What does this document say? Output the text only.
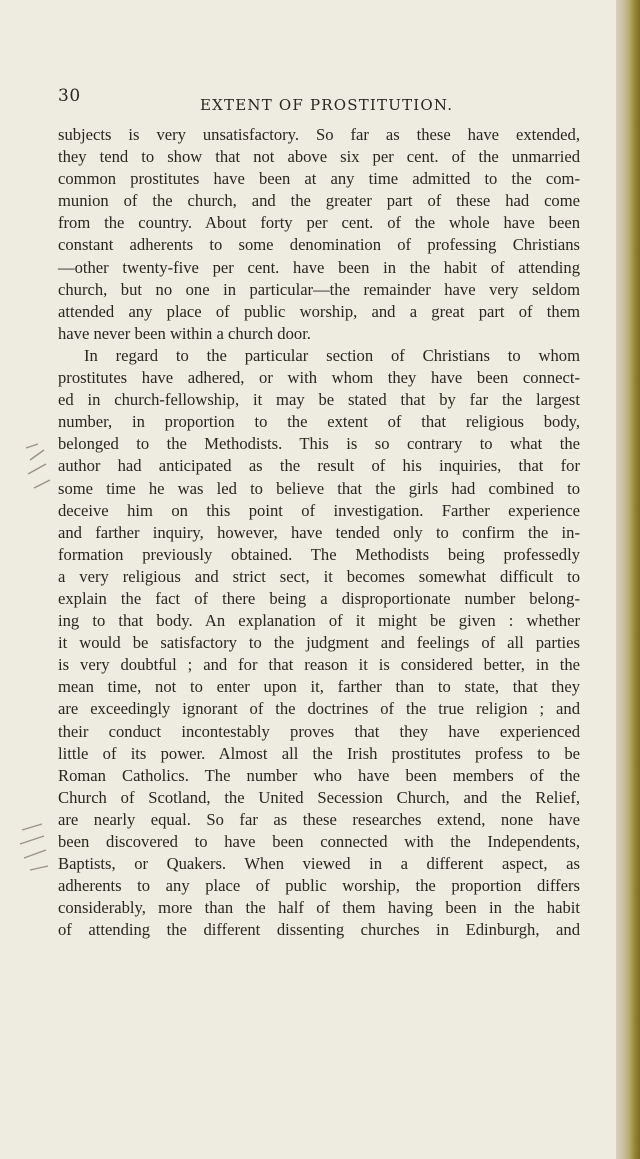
30	EXTENT OF PROSTITUTION.
subjects is very unsatisfactory. So far as these have extended,
they tend to show that not above six per cent. of the unmarried
common prostitutes have been at any time admitted to the com-
munion of the church, and the greater part of these had come
from the country. About forty per cent. of the whole have been
constant adherents to some denomination of professing Christians
—other twenty-five per cent. have been in the habit of attending
church, but no one in particular—the remainder have very seldom
attended any place of public worship, and a great part of them
have never been within a church door.
In regard to the particular section of Christians to whom
prostitutes have adhered, or with whom they have been connect-
ed in church-fellowship, it may be stated that by far the largest
number, in proportion to the extent of that religious body,
belonged to the Methodists. This is so contrary to what the
author had anticipated as the result of his inquiries, that for
some time he was led to believe that the girls had combined to
deceive him on this point of investigation. Farther experience
and farther inquiry, however, have tended only to confirm the in-
formation previously obtained. The Methodists being professedly
a very religious and strict sect, it becomes somewhat difficult to
explain the fact of there being a disproportionate number belong-
ing to that body. An explanation of it might be given : whether
it would be satisfactory to the judgment and feelings of all parties
is very doubtful ; and for that reason it is considered better, in the
mean time, not to enter upon it, farther than to state, that they
are exceedingly ignorant of the doctrines of the true religion ; and
their conduct incontestably proves that they have experienced
little of its power. Almost all the Irish prostitutes profess to be
Roman Catholics. The number who have been members of the
Church of Scotland, the United Secession Church, and the Relief,
are nearly equal. So far as these researches extend, none have
been discovered to have been connected with the Independents,
Baptists, or Quakers. When viewed in a different aspect, as
adherents to any place of public worship, the proportion differs
considerably, more than the half of them having been in the habit
of attending the different dissenting churches in Edinburgh, and
